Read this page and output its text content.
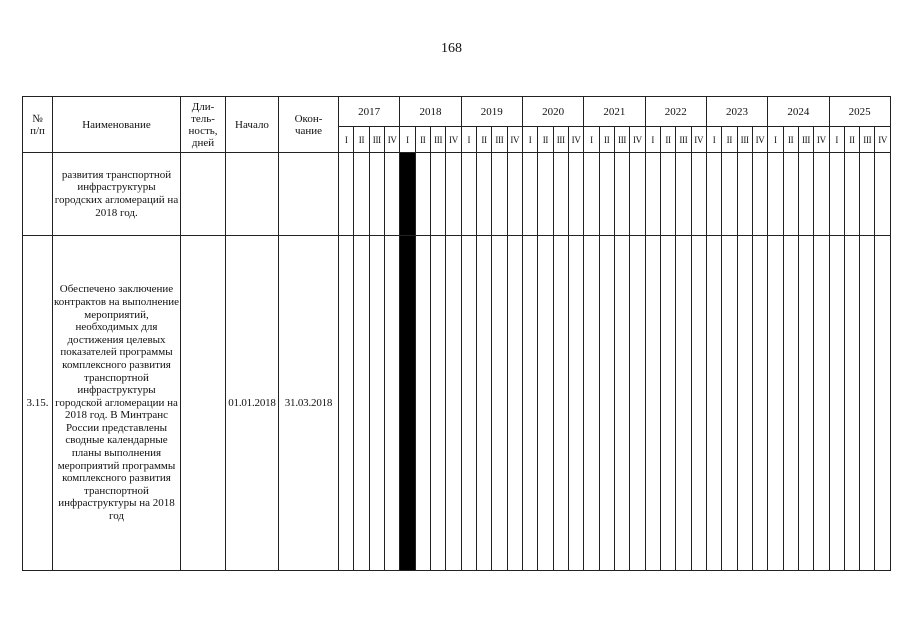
168
№
п/п	Наименование	Дли-
тель-
ность,
дней	Начало	Окон-
чание	2017				2018				2019				2020				2021				2022				2023				2024				2025			
					I	II	III	IV	I	II	III	IV	I	II	III	IV	I	II	III	IV	I	II	III	IV	I	II	III	IV	I	II	III	IV	I	II	III	IV	I	II	III	IV
	развития транспортной инфраструктуры городских агломераций на 2018 год.																																							
3.15.	Обеспечено заключение контрактов на выполнение мероприятий, необходимых для достижения целевых показателей программы комплексного развития транспортной инфраструктуры городской агломерации на 2018 год. В Минтранс России представлены сводные календарные планы выполнения мероприятий программы комплексного развития транспортной инфраструктуры на 2018 год		01.01.2018	31.03.2018																																				
